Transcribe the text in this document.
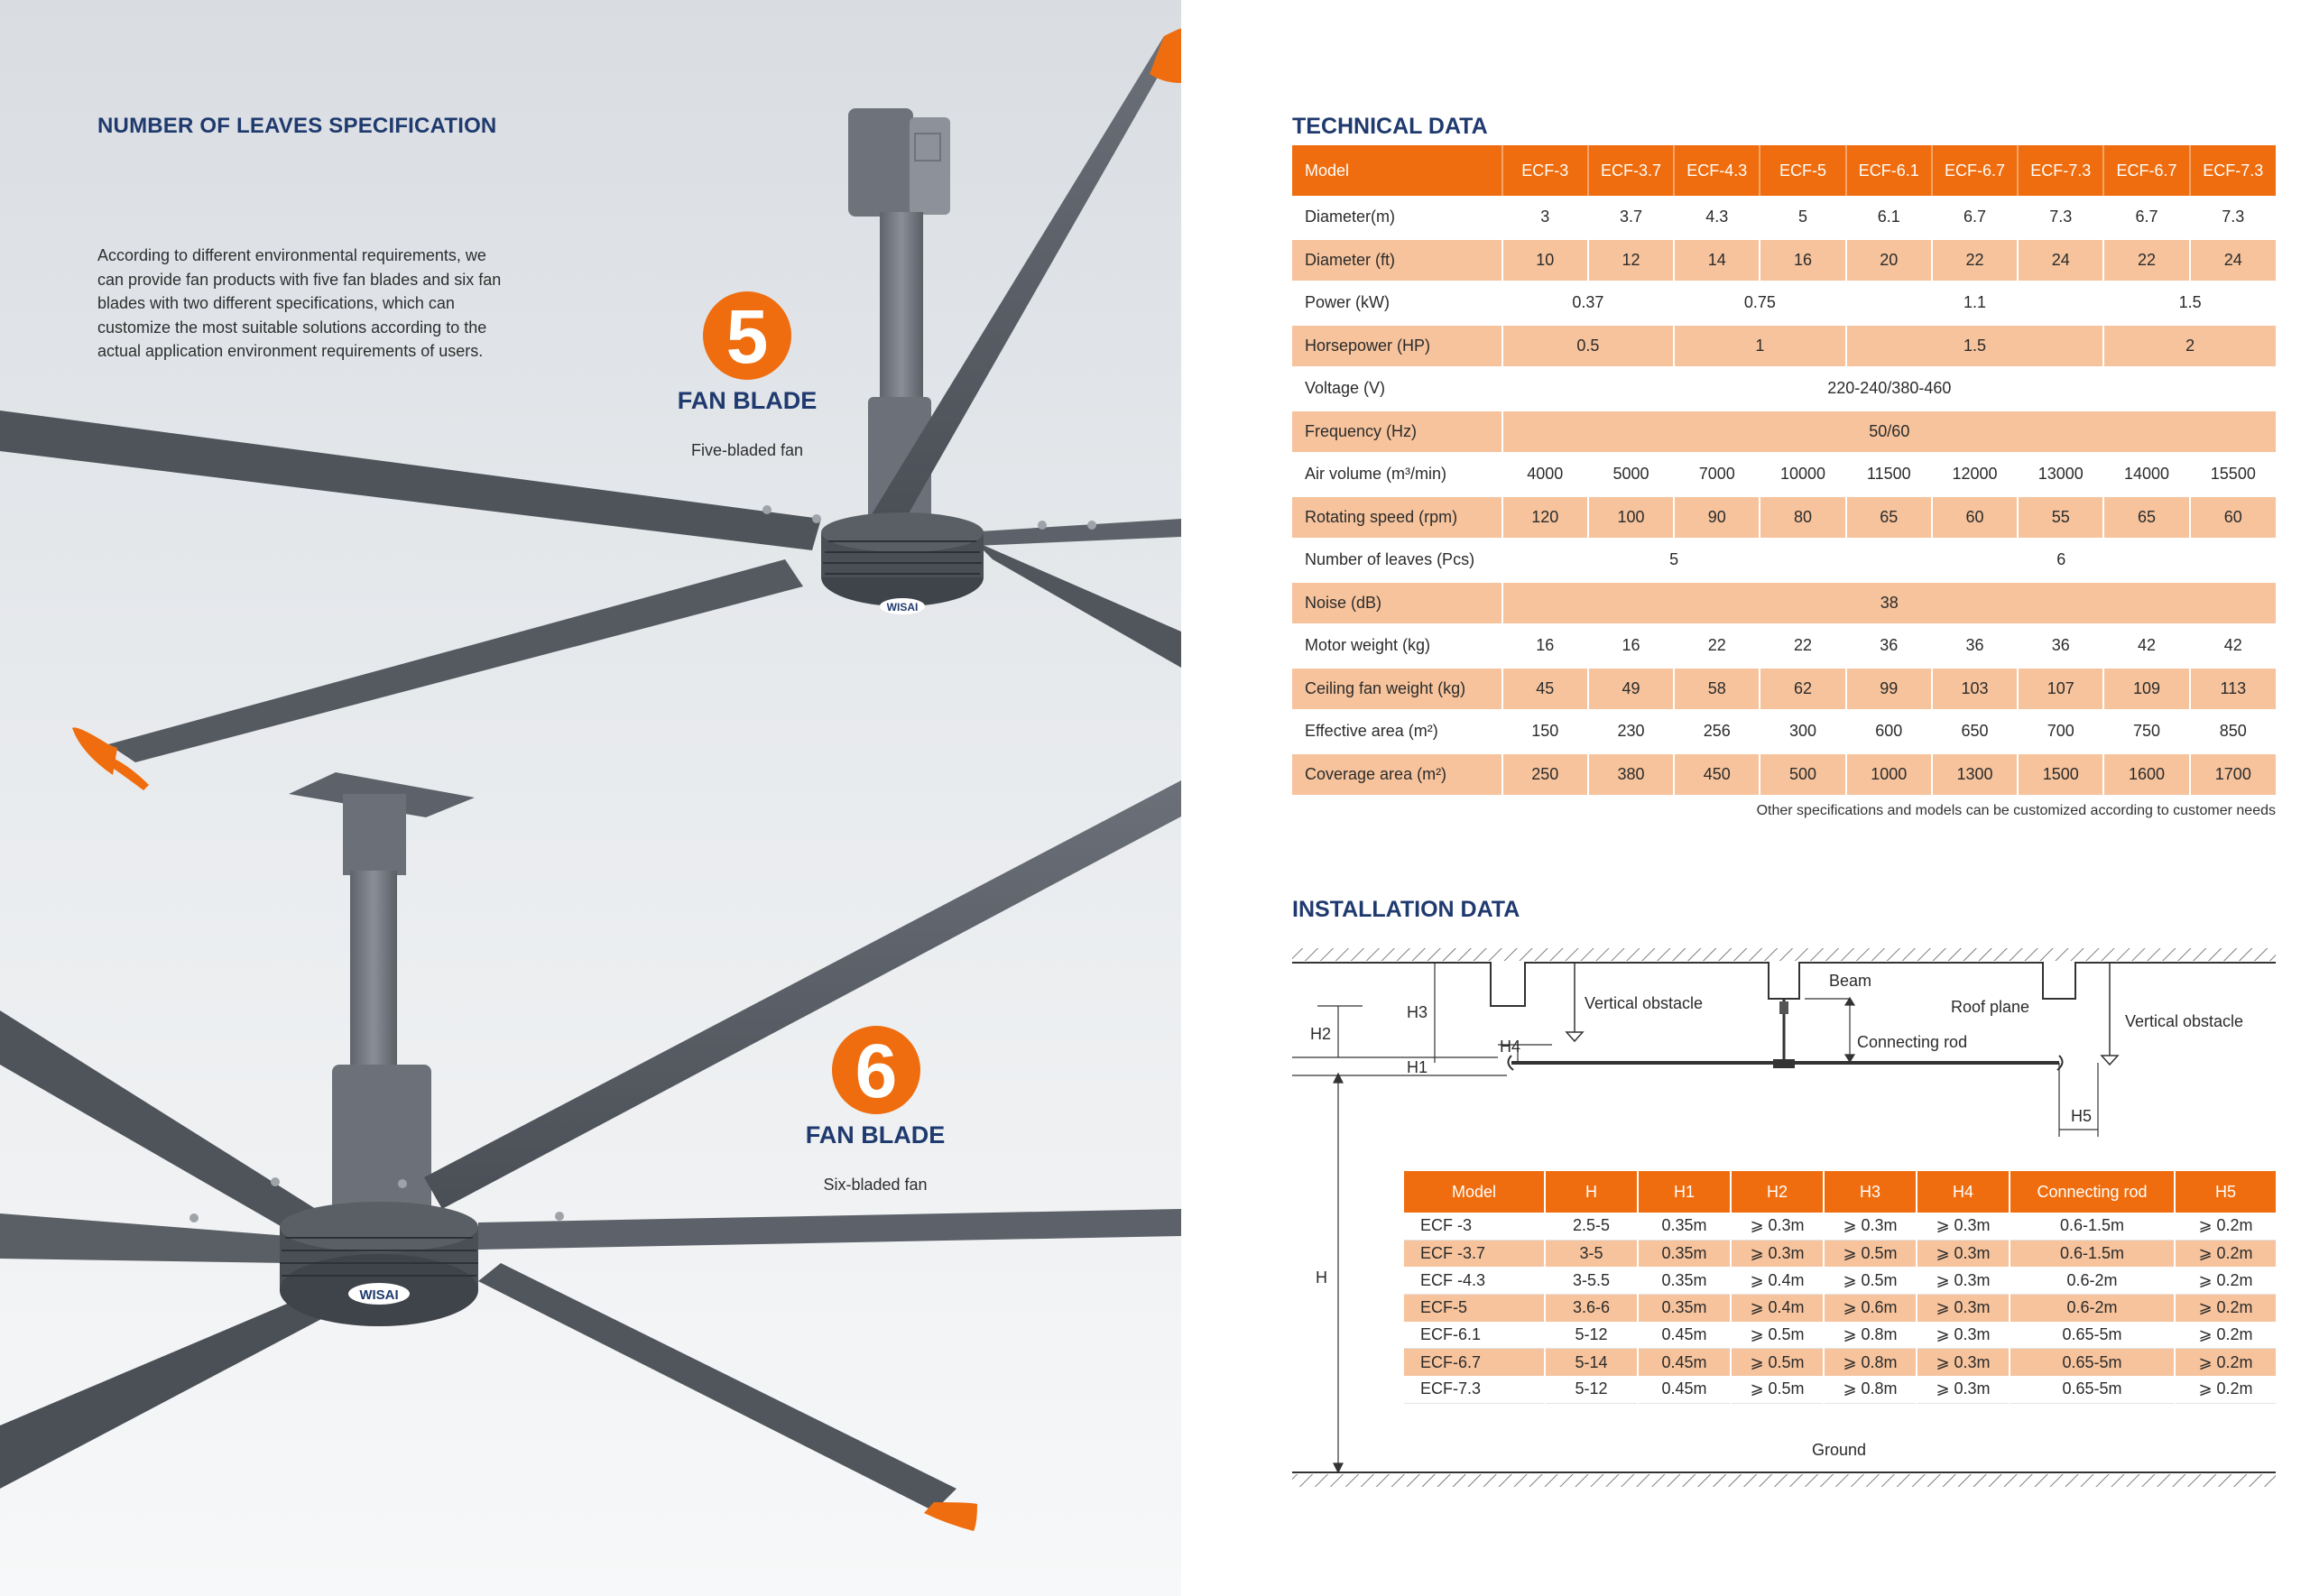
WISAI
WISAI
NUMBER OF LEAVES SPECIFICATION
According to different environmental requirements, we can provide fan products with five fan blades and six fan blades with two different specifications, which can customize the most suitable solutions according to the actual application environment requirements of users.	5
FAN BLADE
Five-bladed fan
6
FAN BLADE
Six-bladed fan
TECHNICAL DATA
Model	ECF-3	ECF-3.7	ECF-4.3	ECF-5	ECF-6.1	ECF-6.7	ECF-7.3	ECF-6.7	ECF-7.3
Diameter(m)	3	3.7	4.3	5	6.1	6.7	7.3	6.7	7.3
Diameter (ft)	10	12	14	16	20	22	24	22	24
Power (kW)	0.37		0.75		1.1			1.5	
Horsepower (HP)	0.5		1		1.5			2	
Voltage (V)	220-240/380-460								
Frequency (Hz)	50/60								
Air volume (m³/min)	4000	5000	7000	10000	11500	12000	13000	14000	15500
Rotating speed (rpm)	120	100	90	80	65	60	55	65	60
Number of leaves (Pcs)	5				6				
Noise (dB)	38								
Motor weight (kg)	16	16	22	22	36	36	36	42	42
Ceiling fan weight (kg)	45	49	58	62	99	103	107	109	113
Effective area (m²)	150	230	256	300	600	650	700	750	850
Coverage area (m²)	250	380	450	500	1000	1300	1500	1600	1700
Other specifications and models can be customized according to customer needs
INSTALLATION DATA
Beam
Vertical obstacle	Roof plane
Vertical obstacle
Connecting rod
H3
H2
H4
H1
H5
H
Ground
Model	H	H1	H2	H3	H4	Connecting rod	H5
ECF -3	2.5-5	0.35m	⩾ 0.3m	⩾ 0.3m	⩾ 0.3m	0.6-1.5m	⩾ 0.2m
ECF -3.7	3-5	0.35m	⩾ 0.3m	⩾ 0.5m	⩾ 0.3m	0.6-1.5m	⩾ 0.2m
ECF -4.3	3-5.5	0.35m	⩾ 0.4m	⩾ 0.5m	⩾ 0.3m	0.6-2m	⩾ 0.2m
ECF-5	3.6-6	0.35m	⩾ 0.4m	⩾ 0.6m	⩾ 0.3m	0.6-2m	⩾ 0.2m
ECF-6.1	5-12	0.45m	⩾ 0.5m	⩾ 0.8m	⩾ 0.3m	0.65-5m	⩾ 0.2m
ECF-6.7	5-14	0.45m	⩾ 0.5m	⩾ 0.8m	⩾ 0.3m	0.65-5m	⩾ 0.2m
ECF-7.3	5-12	0.45m	⩾ 0.5m	⩾ 0.8m	⩾ 0.3m	0.65-5m	⩾ 0.2m
